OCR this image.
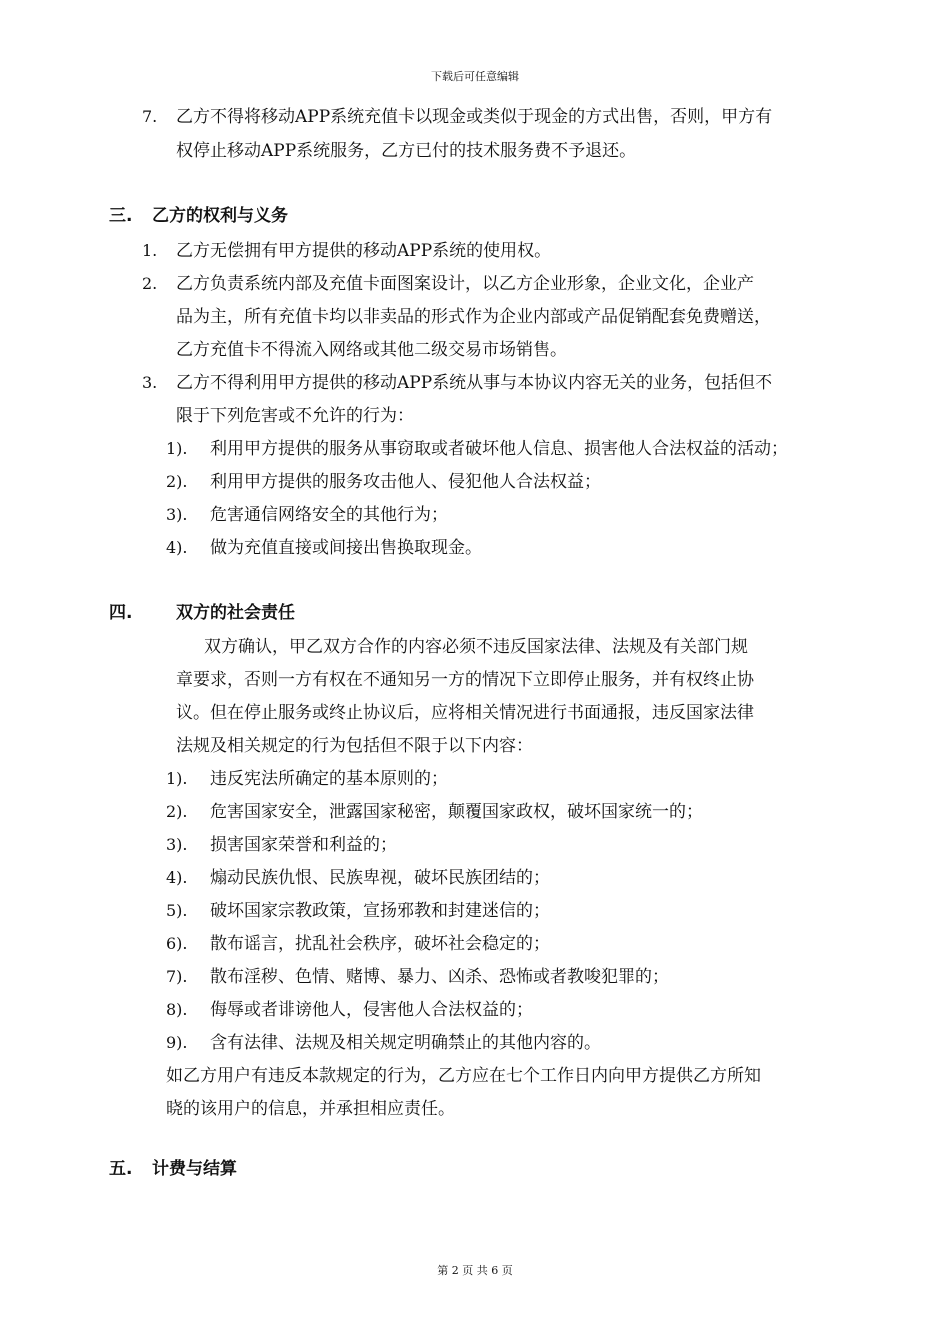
下载后可任意编辑
7. 乙方不得将移动APP系统充值卡以现金或类似于现金的方式出售，否则，甲方有
权停止移动APP系统服务，乙方已付的技术服务费不予退还。
三. 乙方的权利与义务
1. 乙方无偿拥有甲方提供的移动APP系统的使用权。
2. 乙方负责系统内部及充值卡面图案设计，以乙方企业形象，企业文化，企业产
品为主，所有充值卡均以非卖品的形式作为企业内部或产品促销配套免费赠送，
乙方充值卡不得流入网络或其他二级交易市场销售。
3. 乙方不得利用甲方提供的移动APP系统从事与本协议内容无关的业务，包括但不
限于下列危害或不允许的行为：
1). 利用甲方提供的服务从事窃取或者破坏他人信息、损害他人合法权益的活动；
2). 利用甲方提供的服务攻击他人、侵犯他人合法权益；
3). 危害通信网络安全的其他行为；
4). 做为充值直接或间接出售换取现金。
四.	双方的社会责任
双方确认，甲乙双方合作的内容必须不违反国家法律、法规及有关部门规
章要求，否则一方有权在不通知另一方的情况下立即停止服务，并有权终止协
议。但在停止服务或终止协议后，应将相关情况进行书面通报，违反国家法律
法规及相关规定的行为包括但不限于以下内容：
1). 违反宪法所确定的基本原则的；
2). 危害国家安全，泄露国家秘密，颠覆国家政权，破坏国家统一的；
3). 损害国家荣誉和利益的；
4). 煽动民族仇恨、民族卑视，破坏民族团结的；
5). 破坏国家宗教政策，宣扬邪教和封建迷信的；
6). 散布谣言，扰乱社会秩序，破坏社会稳定的；
7). 散布淫秽、色情、赌博、暴力、凶杀、恐怖或者教唆犯罪的；
8). 侮辱或者诽谤他人，侵害他人合法权益的；
9). 含有法律、法规及相关规定明确禁止的其他内容的。
如乙方用户有违反本款规定的行为，乙方应在七个工作日内向甲方提供乙方所知
晓的该用户的信息，并承担相应责任。
五. 计费与结算
第 2 页 共 6 页
